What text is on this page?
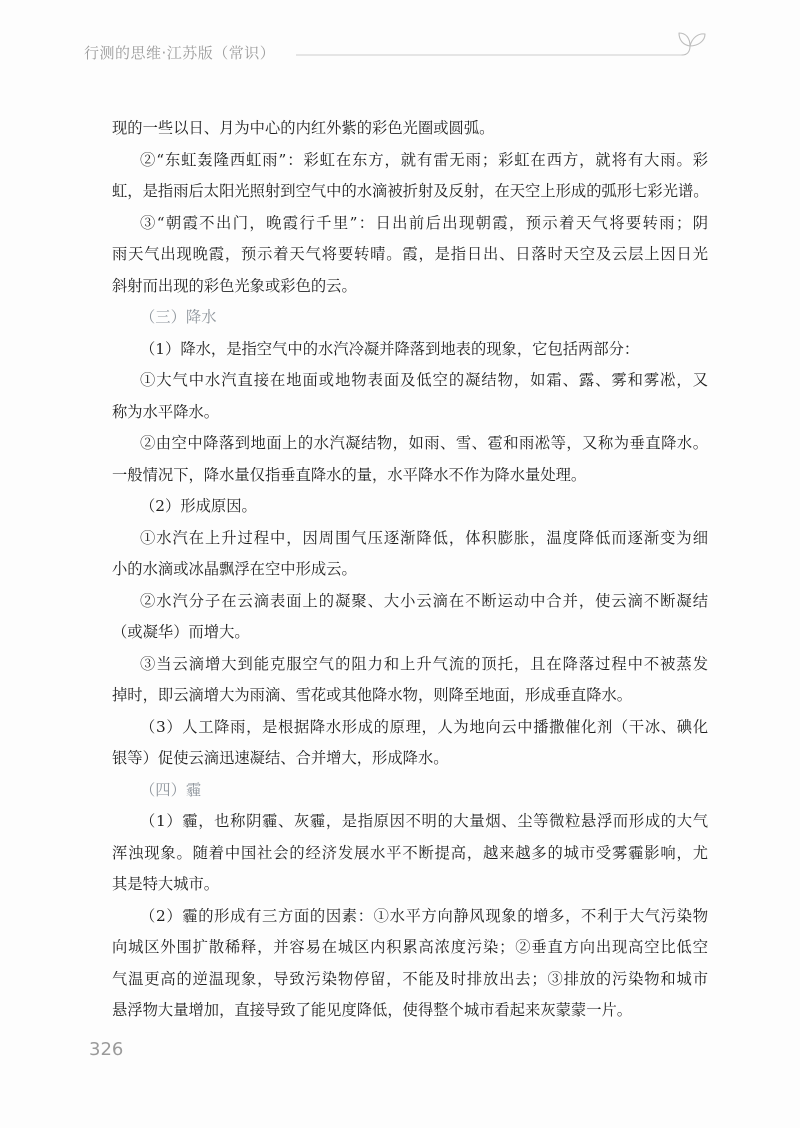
行测的思维·江苏版（常识）
现的一些以日、月为中心的内红外紫的彩色光圈或圆弧。
②“东虹轰隆西虹雨”：彩虹在东方，就有雷无雨；彩虹在西方，就将有大雨。彩
虹，是指雨后太阳光照射到空气中的水滴被折射及反射，在天空上形成的弧形七彩光谱。
③“朝霞不出门，晚霞行千里”：日出前后出现朝霞，预示着天气将要转雨；阴
雨天气出现晚霞，预示着天气将要转晴。霞，是指日出、日落时天空及云层上因日光
斜射而出现的彩色光象或彩色的云。
（三）降水
（1）降水，是指空气中的水汽冷凝并降落到地表的现象，它包括两部分：
①大气中水汽直接在地面或地物表面及低空的凝结物，如霜、露、雾和雾凇，又
称为水平降水。
②由空中降落到地面上的水汽凝结物，如雨、雪、雹和雨凇等，又称为垂直降水。
一般情况下，降水量仅指垂直降水的量，水平降水不作为降水量处理。
（2）形成原因。
①水汽在上升过程中，因周围气压逐渐降低，体积膨胀，温度降低而逐渐变为细
小的水滴或冰晶飘浮在空中形成云。
②水汽分子在云滴表面上的凝聚、大小云滴在不断运动中合并，使云滴不断凝结
（或凝华）而增大。
③当云滴增大到能克服空气的阻力和上升气流的顶托，且在降落过程中不被蒸发
掉时，即云滴增大为雨滴、雪花或其他降水物，则降至地面，形成垂直降水。
（3）人工降雨，是根据降水形成的原理，人为地向云中播撒催化剂（干冰、碘化
银等）促使云滴迅速凝结、合并增大，形成降水。
（四）霾
（1）霾，也称阴霾、灰霾，是指原因不明的大量烟、尘等微粒悬浮而形成的大气
浑浊现象。随着中国社会的经济发展水平不断提高，越来越多的城市受雾霾影响，尤
其是特大城市。
（2）霾的形成有三方面的因素：①水平方向静风现象的增多，不利于大气污染物
向城区外围扩散稀释，并容易在城区内积累高浓度污染；②垂直方向出现高空比低空
气温更高的逆温现象，导致污染物停留，不能及时排放出去；③排放的污染物和城市
悬浮物大量增加，直接导致了能见度降低，使得整个城市看起来灰蒙蒙一片。
326
